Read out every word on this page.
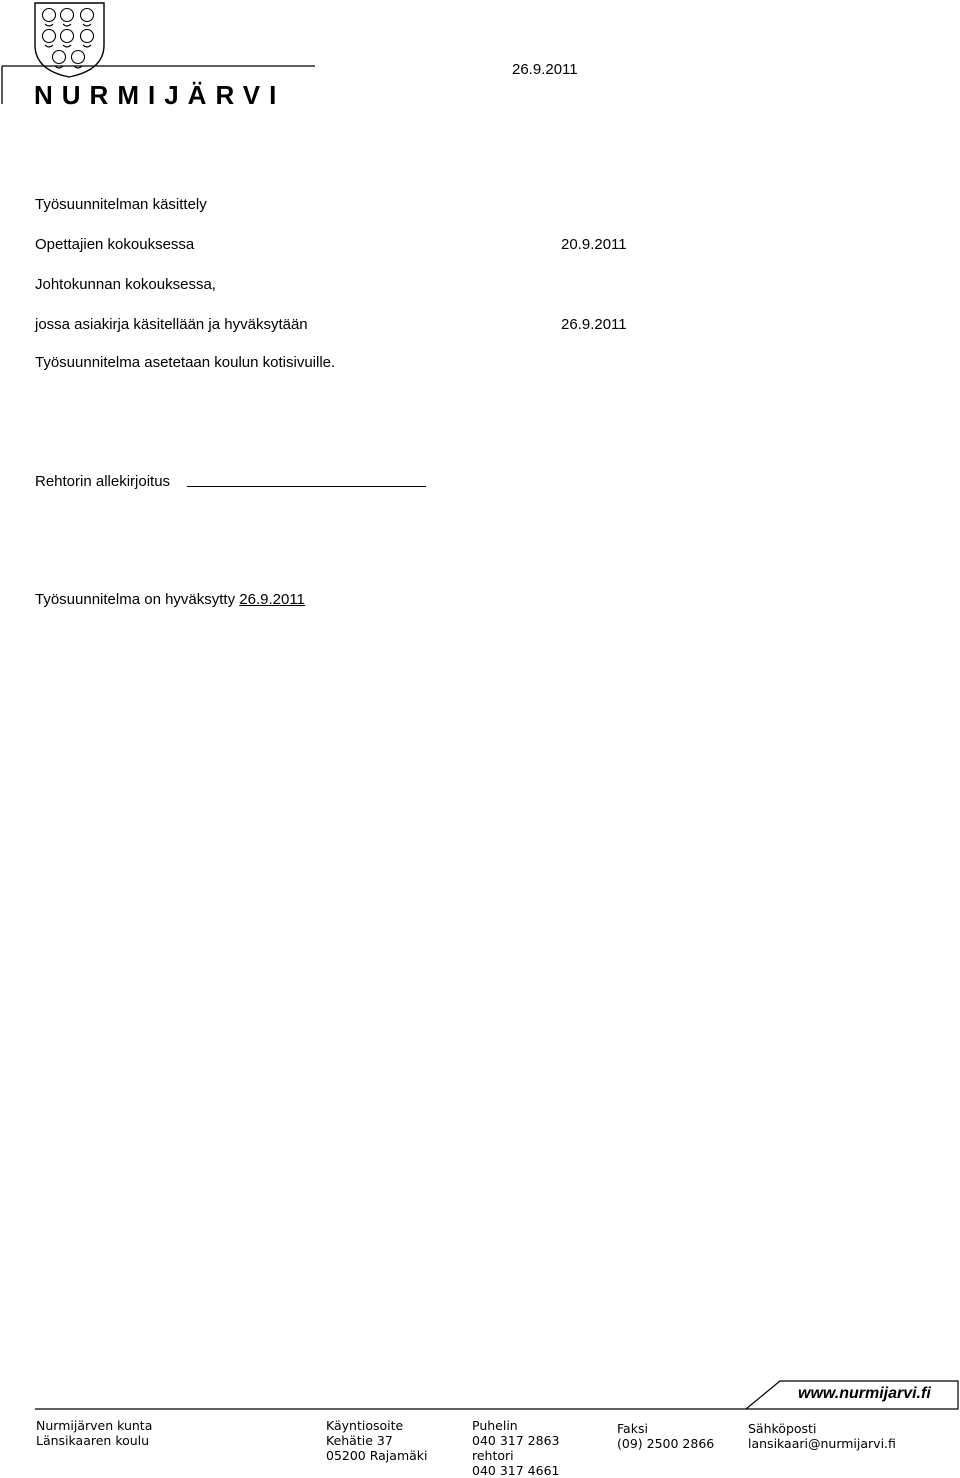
NURMIJÄRVI
26.9.2011
Työsuunnitelman käsittely
Opettajien kokouksessa	20.9.2011
Johtokunnan kokouksessa,
jossa asiakirja käsitellään ja hyväksytään	26.9.2011
Työsuunnitelma asetetaan koulun kotisivuille.
Rehtorin allekirjoitus
Työsuunnitelma on hyväksytty 26.9.2011
www.nurmijarvi.fi
Nurmijärven kunta
Länsikaaren koulu
Käyntiosoite
Kehätie 37
05200 Rajamäki
Puhelin
040 317 2863
rehtori
040 317 4661
Faksi
(09) 2500 2866
Sähköposti
lansikaari@nurmijarvi.fi
